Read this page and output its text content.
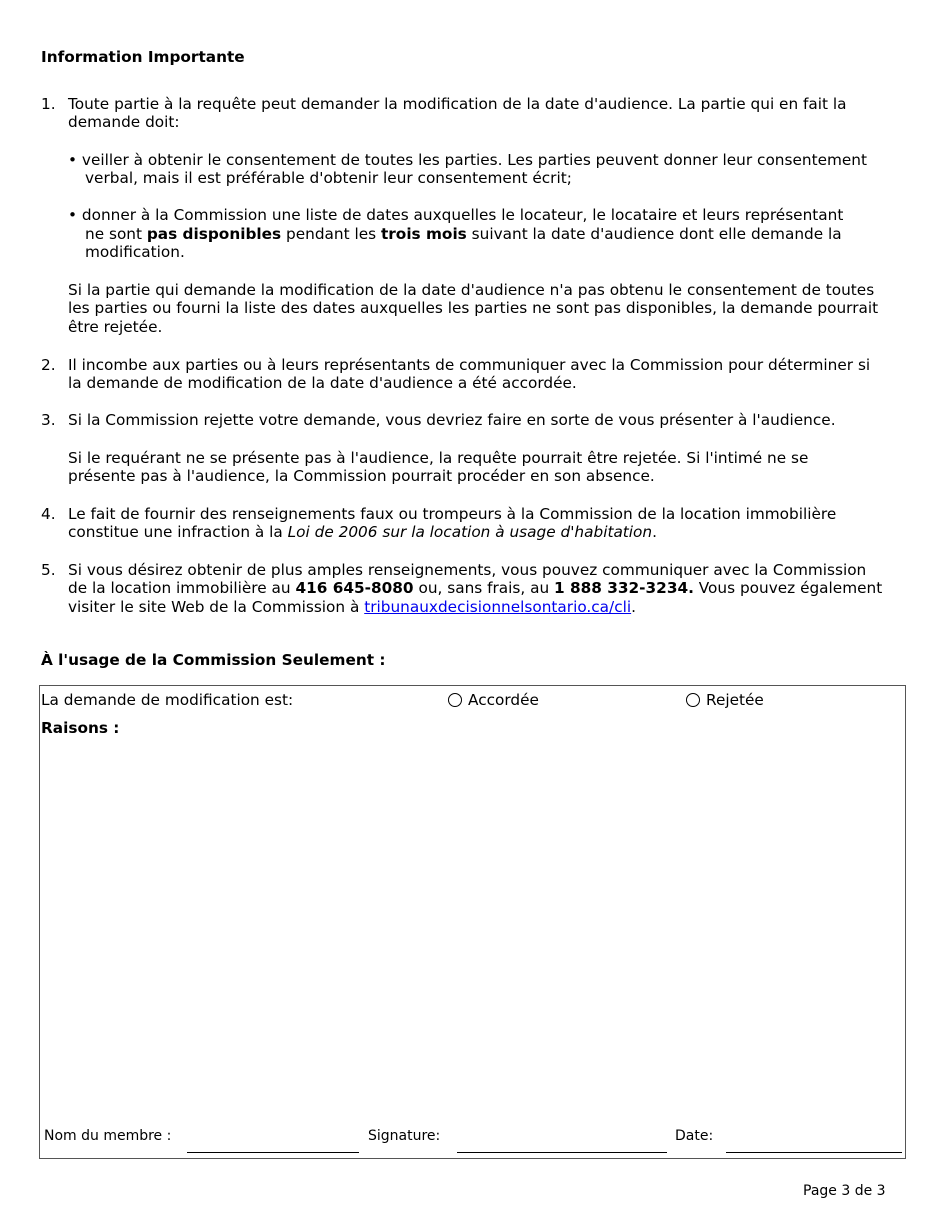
Information Importante
1. Toute partie à la requête peut demander la modification de la date d'audience. La partie qui en fait la
demande doit:
• veiller à obtenir le consentement de toutes les parties. Les parties peuvent donner leur consentement
verbal, mais il est préférable d'obtenir leur consentement écrit;
• donner à la Commission une liste de dates auxquelles le locateur, le locataire et leurs représentant
ne sont pas disponibles pendant les trois mois suivant la date d'audience dont elle demande la
modification.
Si la partie qui demande la modification de la date d'audience n'a pas obtenu le consentement de toutes
les parties ou fourni la liste des dates auxquelles les parties ne sont pas disponibles, la demande pourrait
être rejetée.
2. Il incombe aux parties ou à leurs représentants de communiquer avec la Commission pour déterminer si
la demande de modification de la date d'audience a été accordée.
3. Si la Commission rejette votre demande, vous devriez faire en sorte de vous présenter à l'audience.
Si le requérant ne se présente pas à l'audience, la requête pourrait être rejetée. Si l'intimé ne se
présente pas à l'audience, la Commission pourrait procéder en son absence.
4. Le fait de fournir des renseignements faux ou trompeurs à la Commission de la location immobilière
constitue une infraction à la Loi de 2006 sur la location à usage d'habitation.
5. Si vous désirez obtenir de plus amples renseignements, vous pouvez communiquer avec la Commission
de la location immobilière au 416 645-8080 ou, sans frais, au 1 888 332-3234. Vous pouvez également
visiter le site Web de la Commission à tribunauxdecisionnelsontario.ca/cli.
À l'usage de la Commission Seulement :
La demande de modification est:	Accordée	Rejetée
Raisons :
Nom du membre :	Signature:	Date:
Page 3 de 3
